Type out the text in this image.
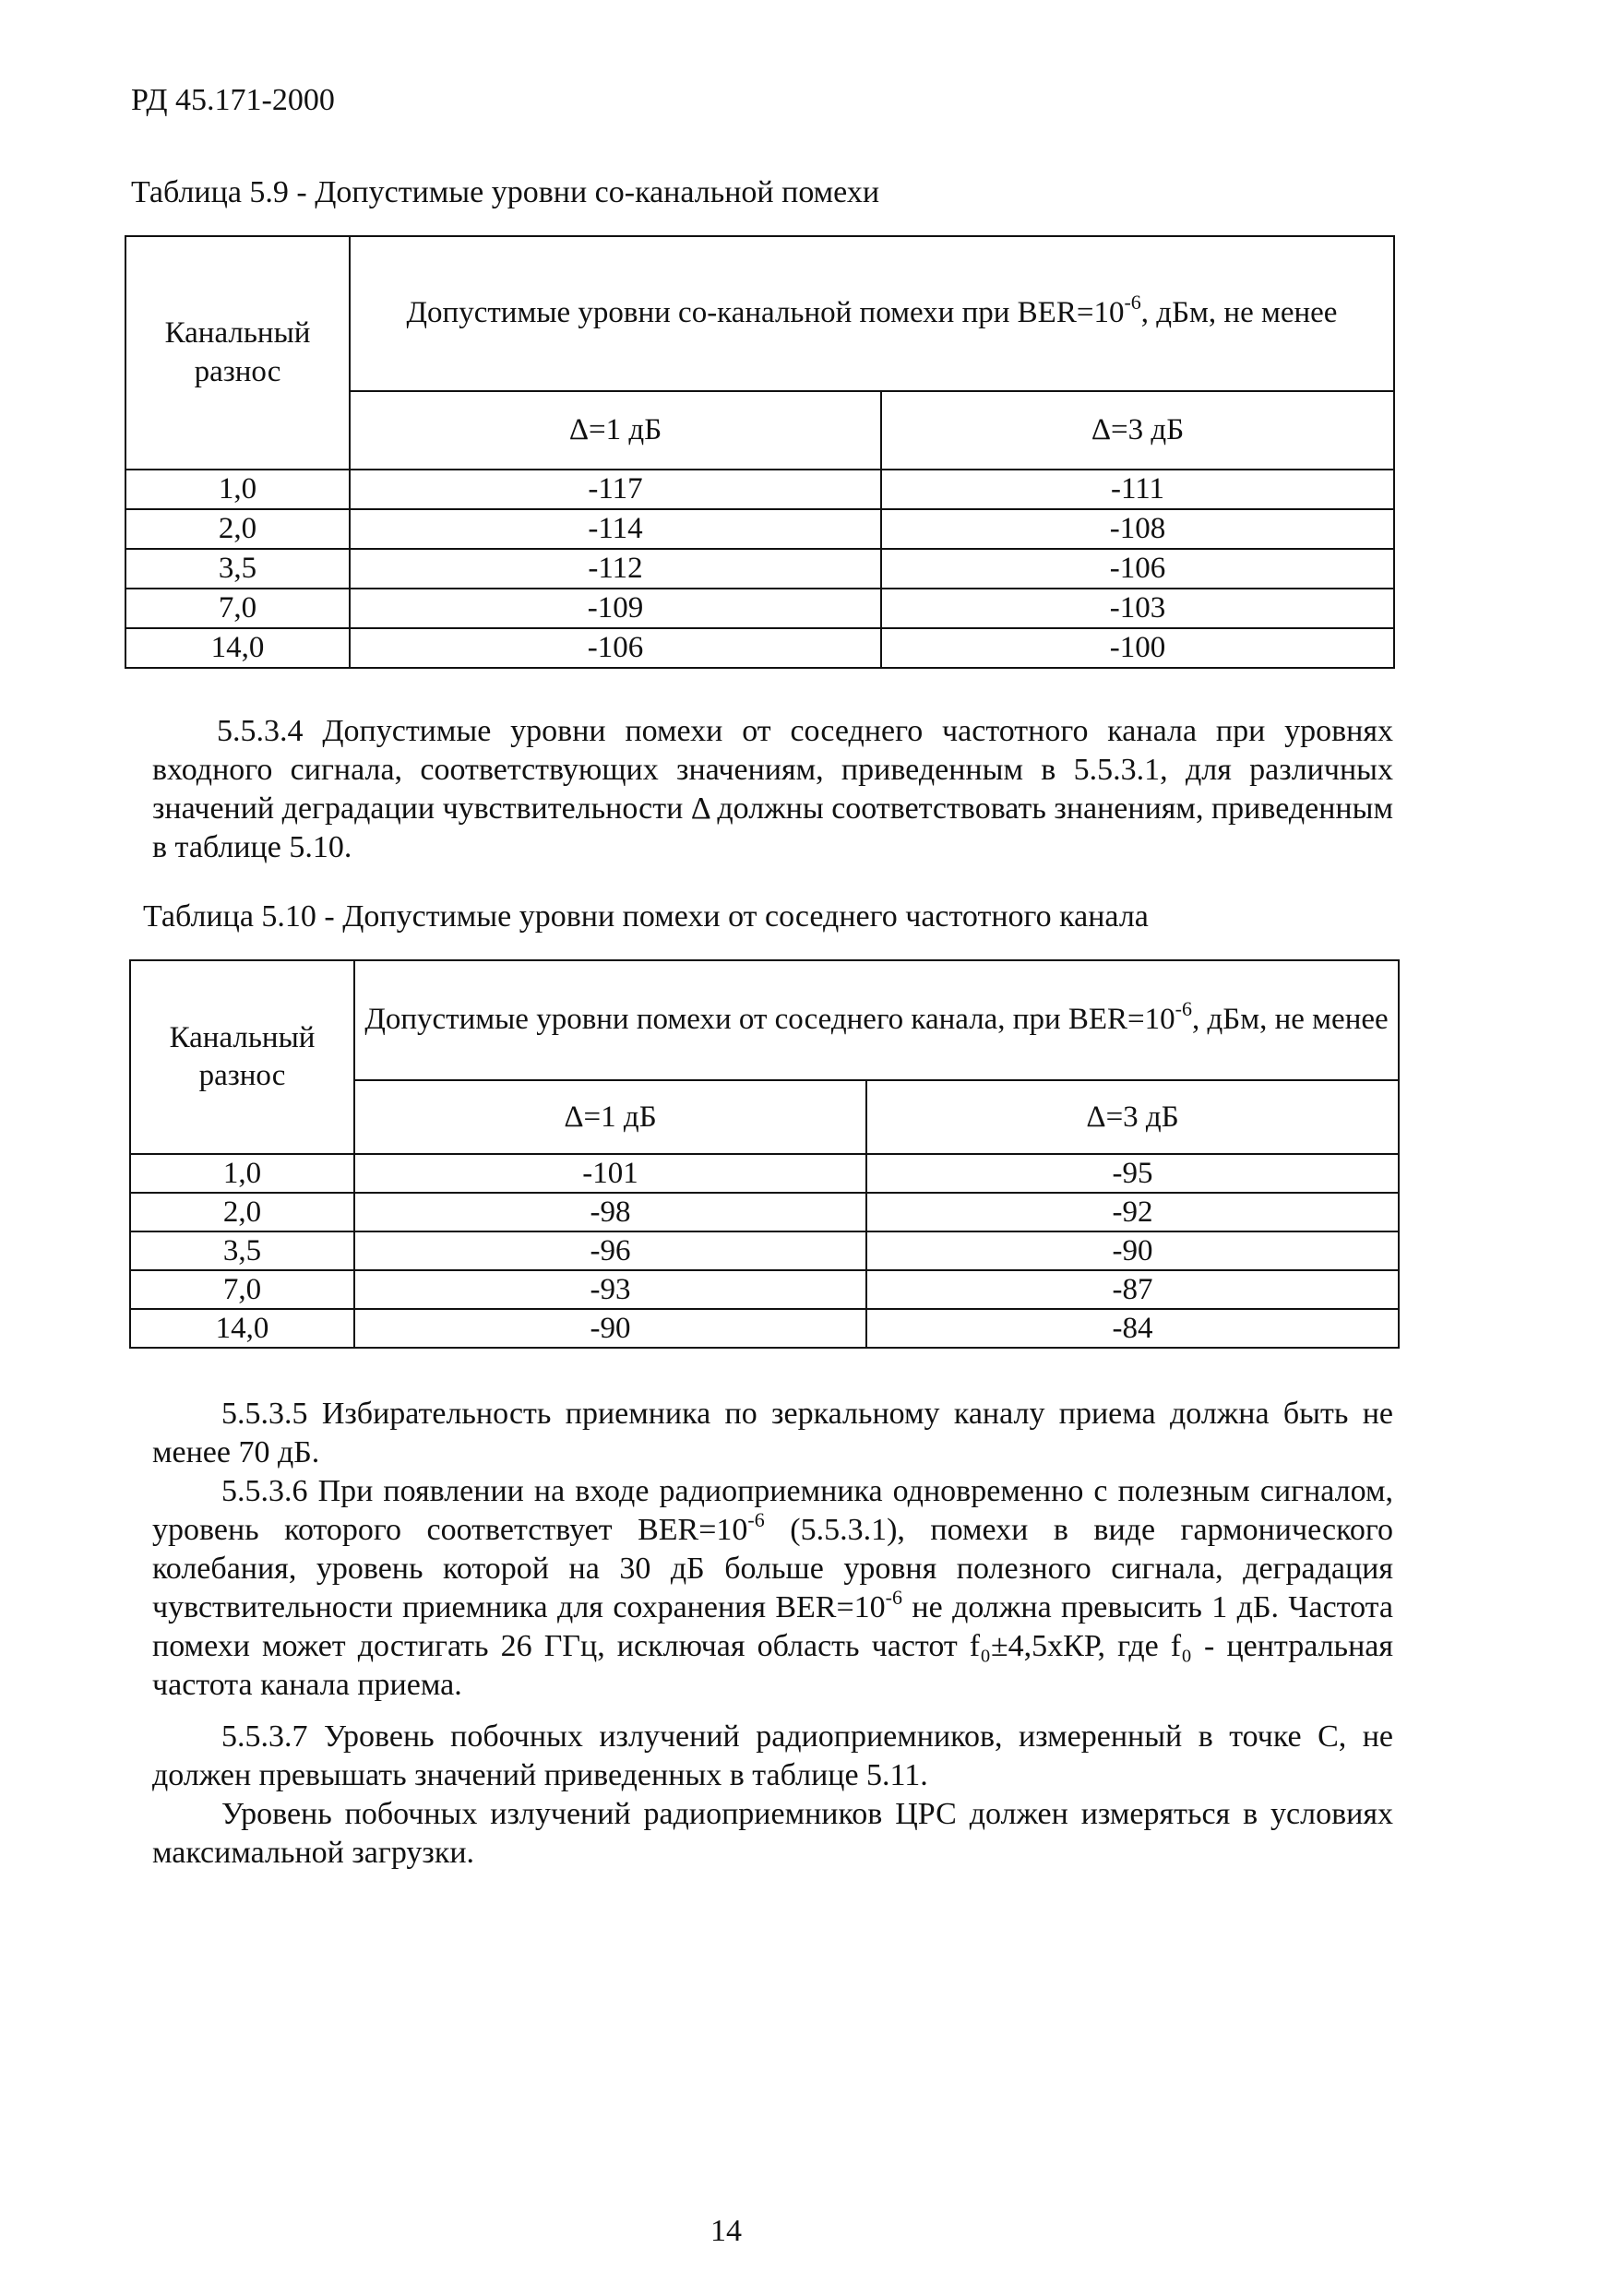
РД 45.171-2000
Таблица 5.9 - Допустимые уровни со-канальной помехи
Канальный разнос	Допустимые уровни со-канальной помехи при $BER=10^{-6}$, дБм, не менее	
	Δ=1 дБ	Δ=3 дБ
1,0	-117	-111
2,0	-114	-108
3,5	-112	-106
7,0	-109	-103
14,0	-106	-100
5.5.3.4 Допустимые уровни помехи от соседнего частотного канала при уровнях входного сигнала, соответствующих значениям, приведенным в 5.5.3.1, для различных значений деградации чувствительности Δ должны соответствовать знанениям, приведенным в таблице 5.10.
Таблица 5.10 - Допустимые уровни помехи от соседнего частотного канала
Канальный разнос	Допустимые уровни помехи от соседнего канала, при $BER=10^{-6}$, дБм, не менее	
	Δ=1 дБ	Δ=3 дБ
1,0	-101	-95
2,0	-98	-92
3,5	-96	-90
7,0	-93	-87
14,0	-90	-84
5.5.3.5 Избирательность приемника по зеркальному каналу приема должна быть не менее 70 дБ.
5.5.3.6 При появлении на входе радиоприемника одновременно с полезным сигналом, уровень которого соответствует $BER=10^{-6}$ (5.5.3.1), помехи в виде гармонического колебания, уровень которой на 30 дБ больше уровня полезного сигнала, деградация чувствительности приемника для сохранения $BER=10^{-6}$ не должна превысить 1 дБ. Частота помехи может достигать 26 ГГц, исключая область частот f₀±4,5хКР, где f₀ - центральная частота канала приема.
5.5.3.7 Уровень побочных излучений радиоприемников, измеренный в точке С, не должен превышать значений приведенных в таблице 5.11.
Уровень побочных излучений радиоприемников ЦРС должен измеряться в условиях максимальной загрузки.
14
